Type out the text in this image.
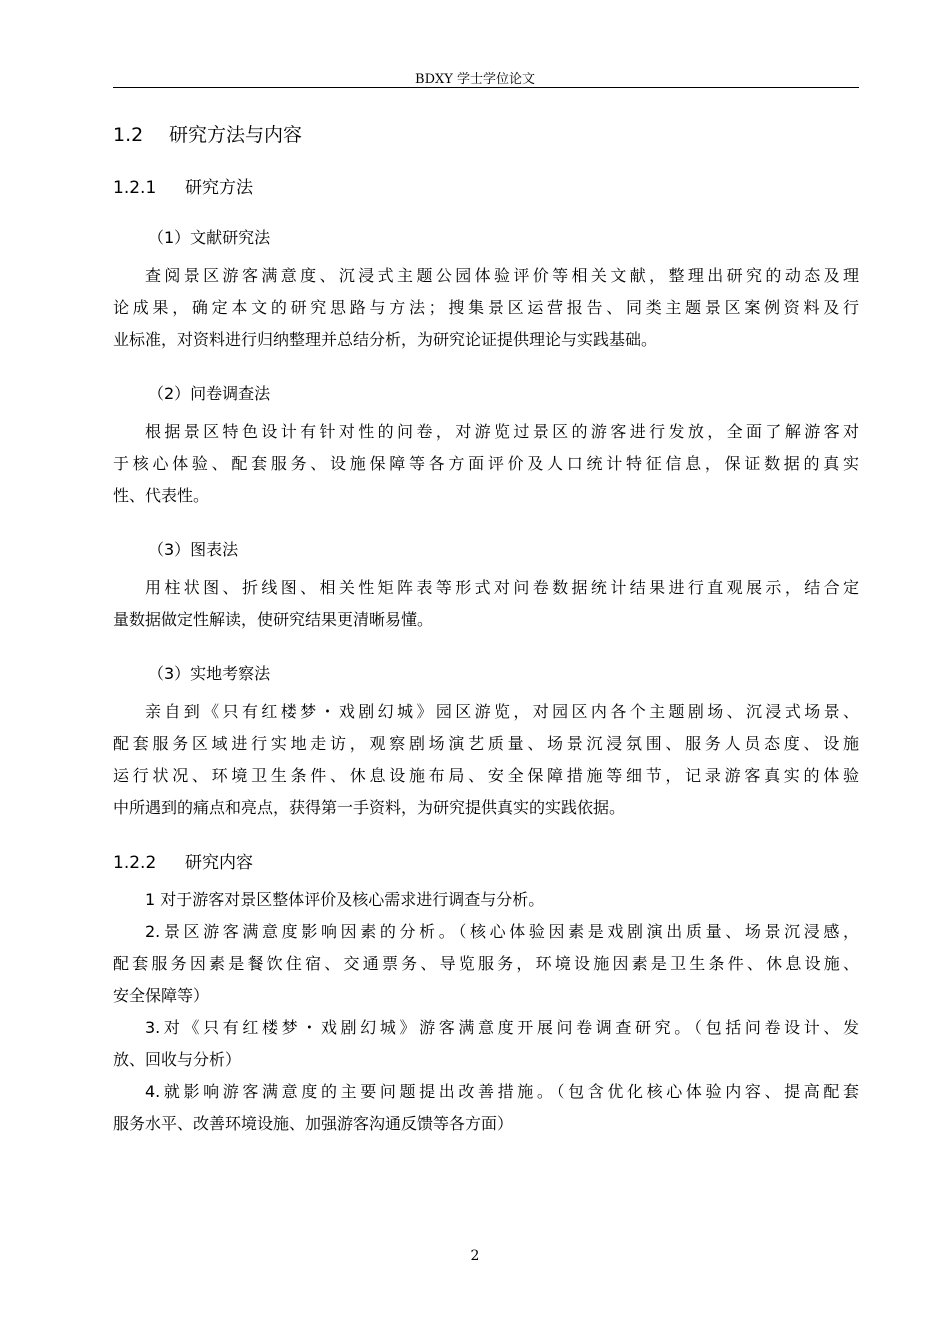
BDXY 学士学位论文
1.2 研究方法与内容
1.2.1 研究方法
（1）文献研究法
查阅景区游客满意度、沉浸式主题公园体验评价等相关文献，整理出研究的动态及理
论成果，确定本文的研究思路与方法；搜集景区运营报告、同类主题景区案例资料及行
业标准，对资料进行归纳整理并总结分析，为研究论证提供理论与实践基础。
（2）问卷调查法
根据景区特色设计有针对性的问卷，对游览过景区的游客进行发放，全面了解游客对
于核心体验、配套服务、设施保障等各方面评价及人口统计特征信息，保证数据的真实
性、代表性。
（3）图表法
用柱状图、折线图、相关性矩阵表等形式对问卷数据统计结果进行直观展示，结合定
量数据做定性解读，使研究结果更清晰易懂。
（3）实地考察法
亲自到《只有红楼梦・戏剧幻城》园区游览，对园区内各个主题剧场、沉浸式场景、
配套服务区域进行实地走访，观察剧场演艺质量、场景沉浸氛围、服务人员态度、设施
运行状况、环境卫生条件、休息设施布局、安全保障措施等细节，记录游客真实的体验
中所遇到的痛点和亮点，获得第一手资料，为研究提供真实的实践依据。
1.2.2 研究内容
1 对于游客对景区整体评价及核心需求进行调查与分析。
2.景区游客满意度影响因素的分析。（核心体验因素是戏剧演出质量、场景沉浸感，
配套服务因素是餐饮住宿、交通票务、导览服务，环境设施因素是卫生条件、休息设施、
安全保障等）
3.对《只有红楼梦・戏剧幻城》游客满意度开展问卷调查研究。（包括问卷设计、发
放、回收与分析）
4.就影响游客满意度的主要问题提出改善措施。（包含优化核心体验内容、提高配套
服务水平、改善环境设施、加强游客沟通反馈等各方面）
2
